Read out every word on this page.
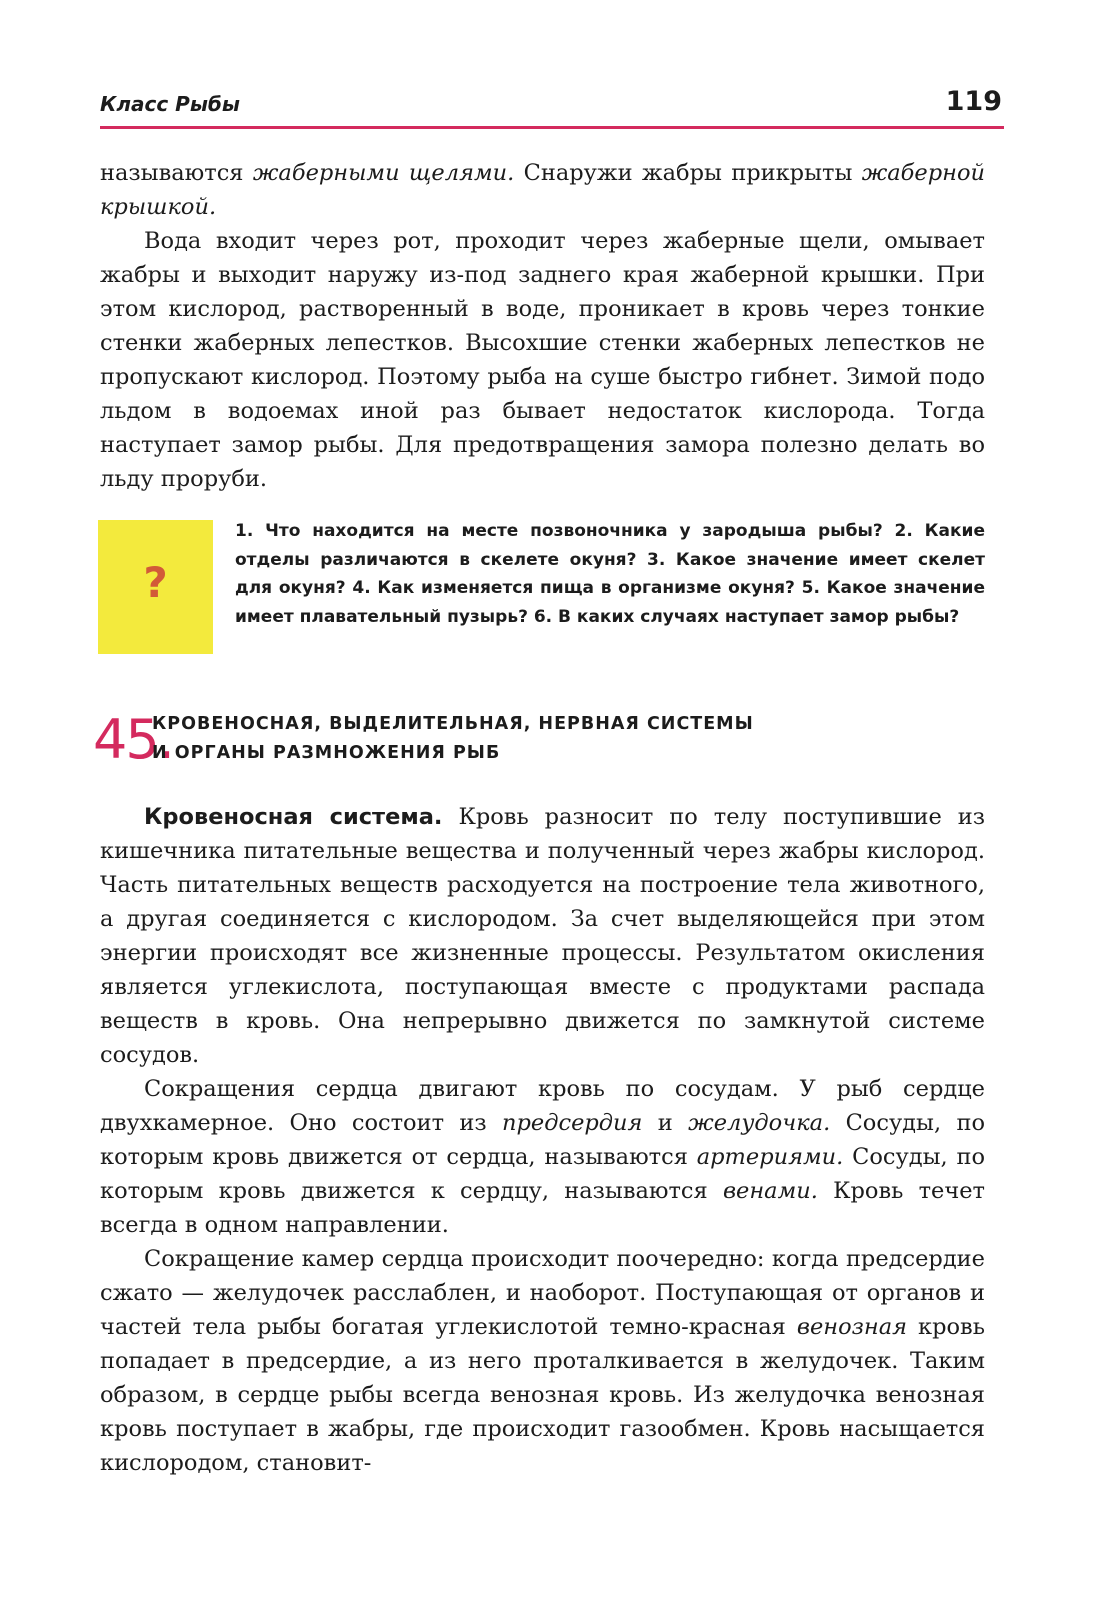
Класс Рыбы	119

называются жаберными щелями. Снаружи жабры прикрыты жаберной крышкой.

Вода входит через рот, проходит через жаберные щели, омывает жабры и выходит наружу из-под заднего края жаберной крышки. При этом кислород, растворенный в воде, проникает в кровь через тонкие стенки жаберных лепестков. Высохшие стенки жаберных лепестков не пропускают кислород. Поэтому рыба на суше быстро гибнет. Зимой подо льдом в водоемах иной раз бывает недостаток кислорода. Тогда наступает замор рыбы. Для предотвращения замора полезно делать во льду проруби.

?

1. Что находится на месте позвоночника у зародыша рыбы? 2. Какие отделы различаются в скелете окуня? 3. Какое значение имеет скелет для окуня? 4. Как изменяется пища в организме окуня? 5. Какое значение имеет плавательный пузырь? 6. В каких случаях наступает замор рыбы?

45.
КРОВЕНОСНАЯ, ВЫДЕЛИТЕЛЬНАЯ, НЕРВНАЯ СИСТЕМЫ
И ОРГАНЫ РАЗМНОЖЕНИЯ РЫБ

Кровеносная система. Кровь разносит по телу поступившие из кишечника питательные вещества и полученный через жабры кислород. Часть питательных веществ расходуется на построение тела животного, а другая соединяется с кислородом. За счет выделяющейся при этом энергии происходят все жизненные процессы. Результатом окисления является углекислота, поступающая вместе с продуктами распада веществ в кровь. Она непрерывно движется по замкнутой системе сосудов.

Сокращения сердца двигают кровь по сосудам. У рыб сердце двухкамерное. Оно состоит из предсердия и желудочка. Сосуды, по которым кровь движется от сердца, называются артериями. Сосуды, по которым кровь движется к сердцу, называются венами. Кровь течет всегда в одном направлении.

Сокращение камер сердца происходит поочередно: когда предсердие сжато — желудочек расслаблен, и наоборот. Поступающая от органов и частей тела рыбы богатая углекислотой темно-красная венозная кровь попадает в предсердие, а из него проталкивается в желудочек. Таким образом, в сердце рыбы всегда венозная кровь. Из желудочка венозная кровь поступает в жабры, где происходит газообмен. Кровь насыщается кислородом, становит-
